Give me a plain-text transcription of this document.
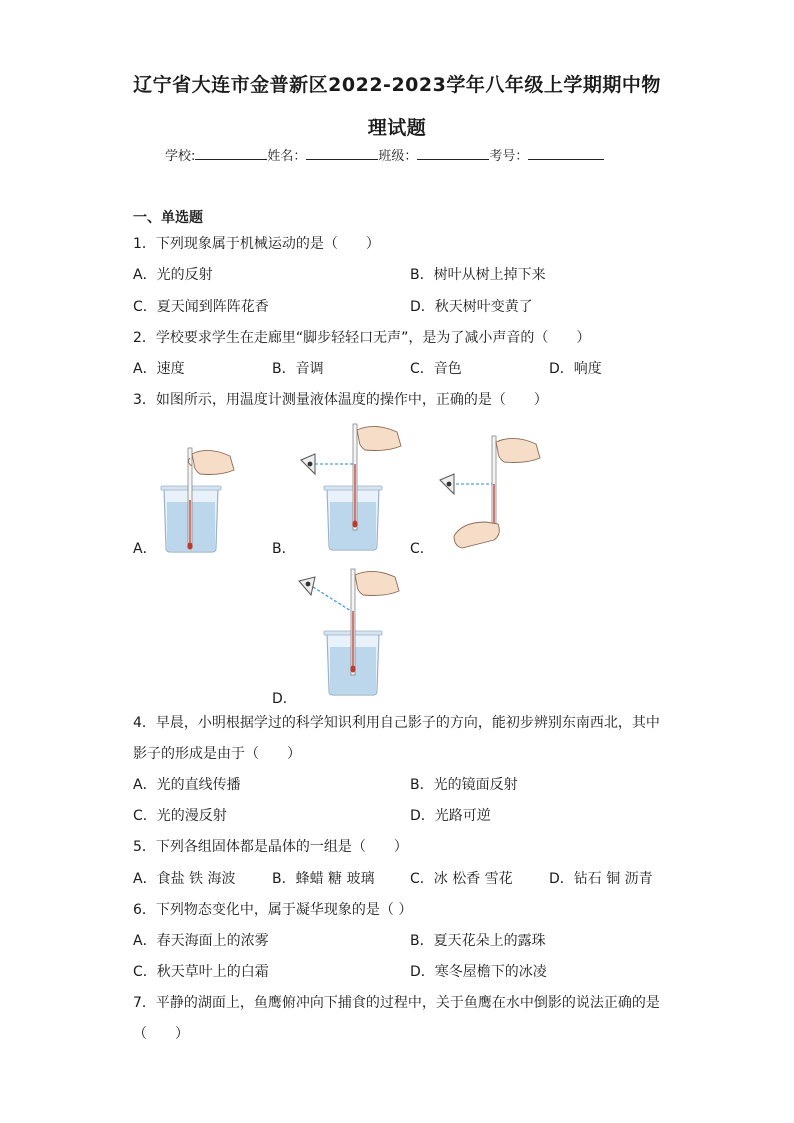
辽宁省大连市金普新区2022-2023学年八年级上学期期中物
理试题
学校:	姓名：	班级：	考号：
一、单选题
1．下列现象属于机械运动的是（　　）
A．光的反射	B．树叶从树上掉下来
C．夏天闻到阵阵花香	D．秋天树叶变黄了
2．学校要求学生在走廊里“脚步轻轻口无声”，是为了减小声音的（　　）
A．速度	B．音调	C．音色	D．响度
3．如图所示，用温度计测量液体温度的操作中，正确的是（　　）
A．	B．	C．
D．
4．早晨，小明根据学过的科学知识利用自己影子的方向，能初步辨别东南西北，其中
影子的形成是由于（　　）
A．光的直线传播	B．光的镜面反射
C．光的漫反射	D．光路可逆
5．下列各组固体都是晶体的一组是（　　）
A．食盐 铁 海波	B．蜂蜡 糖 玻璃	C．冰 松香 雪花	D．钻石 铜 沥青
6．下列物态变化中，属于凝华现象的是（ ）
A．春天海面上的浓雾	B．夏天花朵上的露珠
C．秋天草叶上的白霜	D．寒冬屋檐下的冰凌
7．平静的湖面上，鱼鹰俯冲向下捕食的过程中，关于鱼鹰在水中倒影的说法正确的是
（　　）
